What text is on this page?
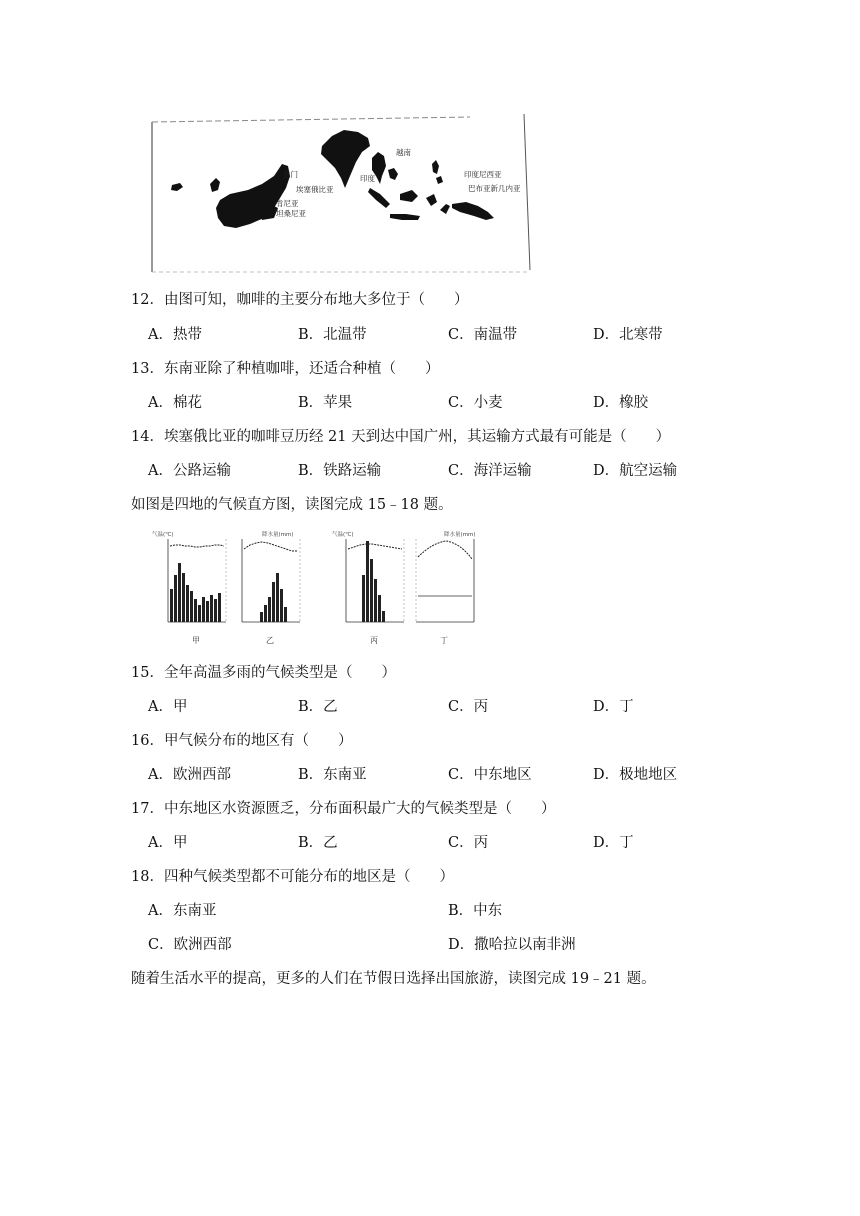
也门
埃塞俄比亚
肯尼亚
坦桑尼亚
印度
越南
印度尼西亚
巴布亚新几内亚
12．由图可知，咖啡的主要分布地大多位于（　　）
A．热带	B．北温带	C．南温带	D．北寒带
13．东南亚除了种植咖啡，还适合种植（　　）
A．棉花	B．苹果	C．小麦	D．橡胶
14．埃塞俄比亚的咖啡豆历经 21 天到达中国广州，其运输方式最有可能是（　　）
A．公路运输	B．铁路运输	C．海洋运输	D．航空运输
如图是四地的气候直方图，读图完成 15﹣18 题。
气温(℃)
甲
降水量(mm)
乙
气温(℃)
丙
降水量(mm)
丁
15．全年高温多雨的气候类型是（　　）
A．甲	B．乙	C．丙	D．丁
16．甲气候分布的地区有（　　）
A．欧洲西部	B．东南亚	C．中东地区	D．极地地区
17．中东地区水资源匮乏，分布面积最广大的气候类型是（　　）
A．甲	B．乙	C．丙	D．丁
18．四种气候类型都不可能分布的地区是（　　）
A．东南亚	B．中东
C．欧洲西部	D．撒哈拉以南非洲
随着生活水平的提高，更多的人们在节假日选择出国旅游，读图完成 19﹣21 题。
